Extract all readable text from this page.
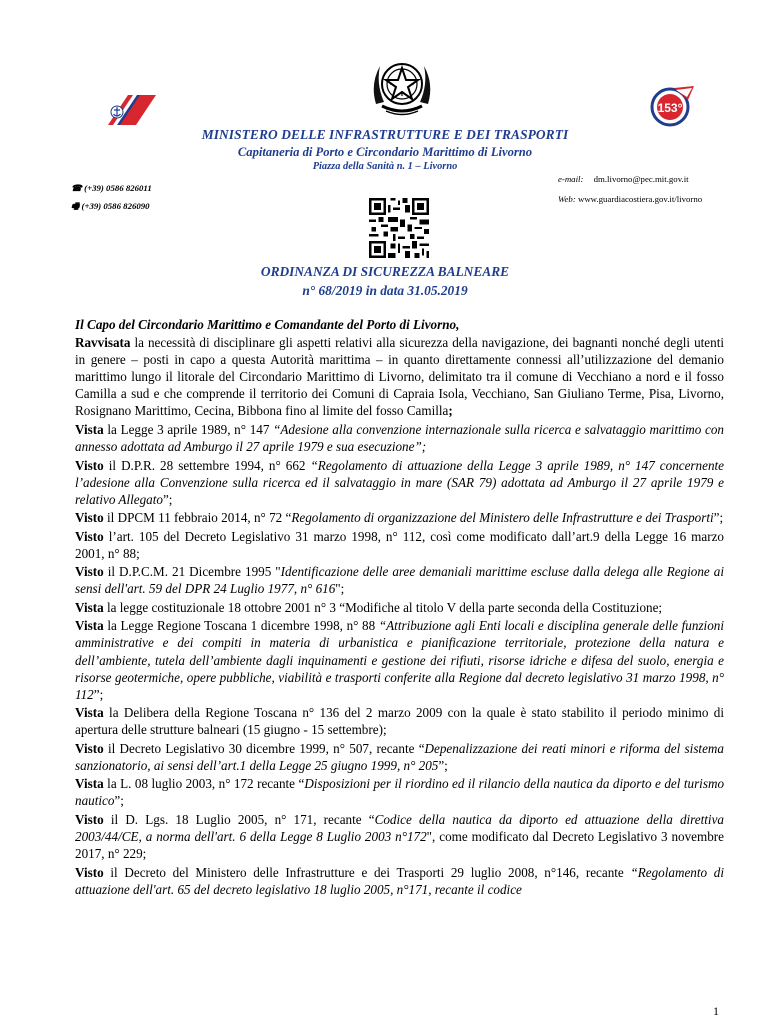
153°
MINISTERO DELLE INFRASTRUTTURE E DEI TRASPORTI
Capitaneria di Porto e Circondario Marittimo di Livorno
Piazza della Sanità n. 1 – Livorno
☎ (+39) 0586 826011
🖷 (+39) 0586 826090
e-mail: dm.livorno@pec.mit.gov.it
Web: www.guardiacostiera.gov.it/livorno
ORDINANZA DI SICUREZZA BALNEARE
n° 68/2019 in data 31.05.2019

Il Capo del Circondario Marittimo e Comandante del Porto di Livorno,

Ravvisata la necessità di disciplinare gli aspetti relativi alla sicurezza della navigazione, dei bagnanti nonché degli utenti in genere – posti in capo a questa Autorità marittima – in quanto direttamente connessi all’utilizzazione del demanio marittimo lungo il litorale del Circondario Marittimo di Livorno, delimitato tra il comune di Vecchiano a nord e il fosso Camilla a sud e che comprende il territorio dei Comuni di Capraia Isola, Vecchiano, San Giuliano Terme, Pisa, Livorno, Rosignano Marittimo, Cecina, Bibbona fino al limite del fosso Camilla;

Vista la Legge 3 aprile 1989, n° 147 “Adesione alla convenzione internazionale sulla ricerca e salvataggio marittimo con annesso adottata ad Amburgo il 27 aprile 1979 e sua esecuzione”;

Visto il D.P.R. 28 settembre 1994, n° 662 “Regolamento di attuazione della Legge 3 aprile 1989, n° 147 concernente l’adesione alla Convenzione sulla ricerca ed il salvataggio in mare (SAR 79) adottata ad Amburgo il 27 aprile 1979 e relativo Allegato”;

Visto il DPCM 11 febbraio 2014, n° 72 “Regolamento di organizzazione del Ministero delle Infrastrutture e dei Trasporti”;

Visto l’art. 105 del Decreto Legislativo 31 marzo 1998, n° 112, così come modificato dall’art.9 della Legge 16 marzo 2001, n° 88;

Visto il D.P.C.M. 21 Dicembre 1995 "Identificazione delle aree demaniali marittime escluse dalla delega alle Regione ai sensi dell'art. 59 del DPR 24 Luglio 1977, n° 616";

Vista la legge costituzionale 18 ottobre 2001 n° 3 “Modifiche al titolo V della parte seconda della Costituzione;

Vista la Legge Regione Toscana 1 dicembre 1998, n° 88 “Attribuzione agli Enti locali e disciplina generale delle funzioni amministrative e dei compiti in materia di urbanistica e pianificazione territoriale, protezione della natura e dell’ambiente, tutela dell’ambiente dagli inquinamenti e gestione dei rifiuti, risorse idriche e difesa del suolo, energia e risorse geotermiche, opere pubbliche, viabilità e trasporti conferite alla Regione dal decreto legislativo 31 marzo 1998, n° 112”;

Vista la Delibera della Regione Toscana n° 136 del 2 marzo 2009 con la quale è stato stabilito il periodo minimo di apertura delle strutture balneari (15 giugno - 15 settembre);

Visto il Decreto Legislativo 30 dicembre 1999, n° 507, recante “Depenalizzazione dei reati minori e riforma del sistema sanzionatorio, ai sensi dell’art.1 della Legge 25 giugno 1999, n° 205”;

Vista la L. 08 luglio 2003, n° 172 recante “Disposizioni per il riordino ed il rilancio della nautica da diporto e del turismo nautico”;

Visto il D. Lgs. 18 Luglio 2005, n° 171, recante “Codice della nautica da diporto ed attuazione della direttiva 2003/44/CE, a norma dell'art. 6 della Legge 8 Luglio 2003 n°172", come modificato dal Decreto Legislativo 3 novembre 2017, n° 229;

Visto il Decreto del Ministero delle Infrastrutture e dei Trasporti 29 luglio 2008, n°146, recante “Regolamento di attuazione dell'art. 65 del decreto legislativo 18 luglio 2005, n°171, recante il codice

1
